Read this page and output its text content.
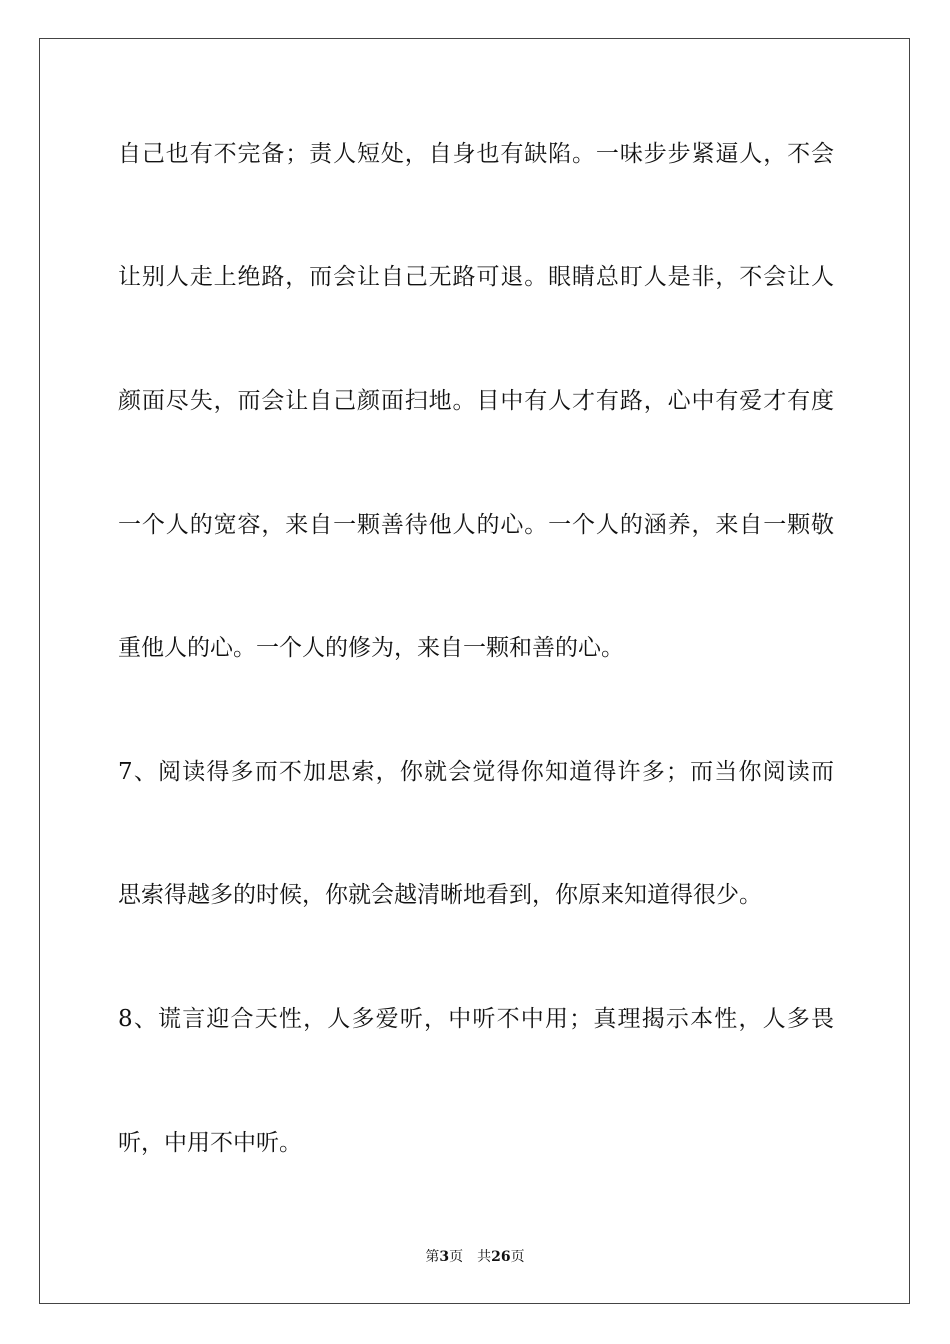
自己也有不完备；责人短处，自身也有缺陷。一味步步紧逼人，不会
让别人走上绝路，而会让自己无路可退。眼睛总盯人是非，不会让人
颜面尽失，而会让自己颜面扫地。目中有人才有路，心中有爱才有度
一个人的宽容，来自一颗善待他人的心。一个人的涵养，来自一颗敬
重他人的心。一个人的修为，来自一颗和善的心。
7、阅读得多而不加思索，你就会觉得你知道得许多；而当你阅读而
思索得越多的时候，你就会越清晰地看到，你原来知道得很少。
8、谎言迎合天性，人多爱听，中听不中用；真理揭示本性，人多畏
听，中用不中听。
第3页 共26页
